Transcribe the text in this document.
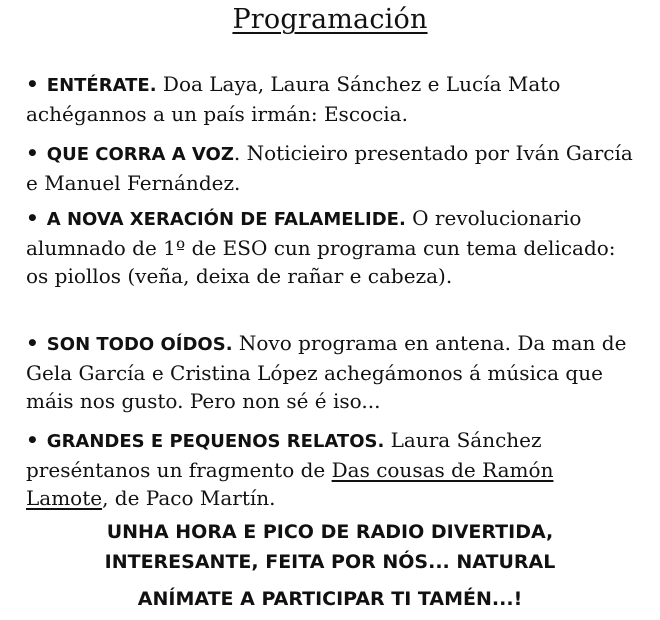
Programación
• ENTÉRATE. Doa Laya, Laura Sánchez e Lucía Mato achégannos a un país irmán: Escocia.
• QUE CORRA A VOZ. Noticieiro presentado por Iván García e Manuel Fernández.
• A NOVA XERACIÓN DE FALAMELIDE. O revolucionario alumnado de 1º de ESO cun programa cun tema delicado: os piollos (veña, deixa de rañar e cabeza).
• SON TODO OÍDOS. Novo programa en antena. Da man de Gela García e Cristina López achegámonos á música que máis nos gusto. Pero non sé é iso...
• GRANDES E PEQUENOS RELATOS. Laura Sánchez preséntanos un fragmento de Das cousas de Ramón Lamote, de Paco Martín.
UNHA HORA E PICO DE RADIO DIVERTIDA,
INTERESANTE, FEITA POR NÓS... NATURAL
ANÍMATE A PARTICIPAR TI TAMÉN...!
